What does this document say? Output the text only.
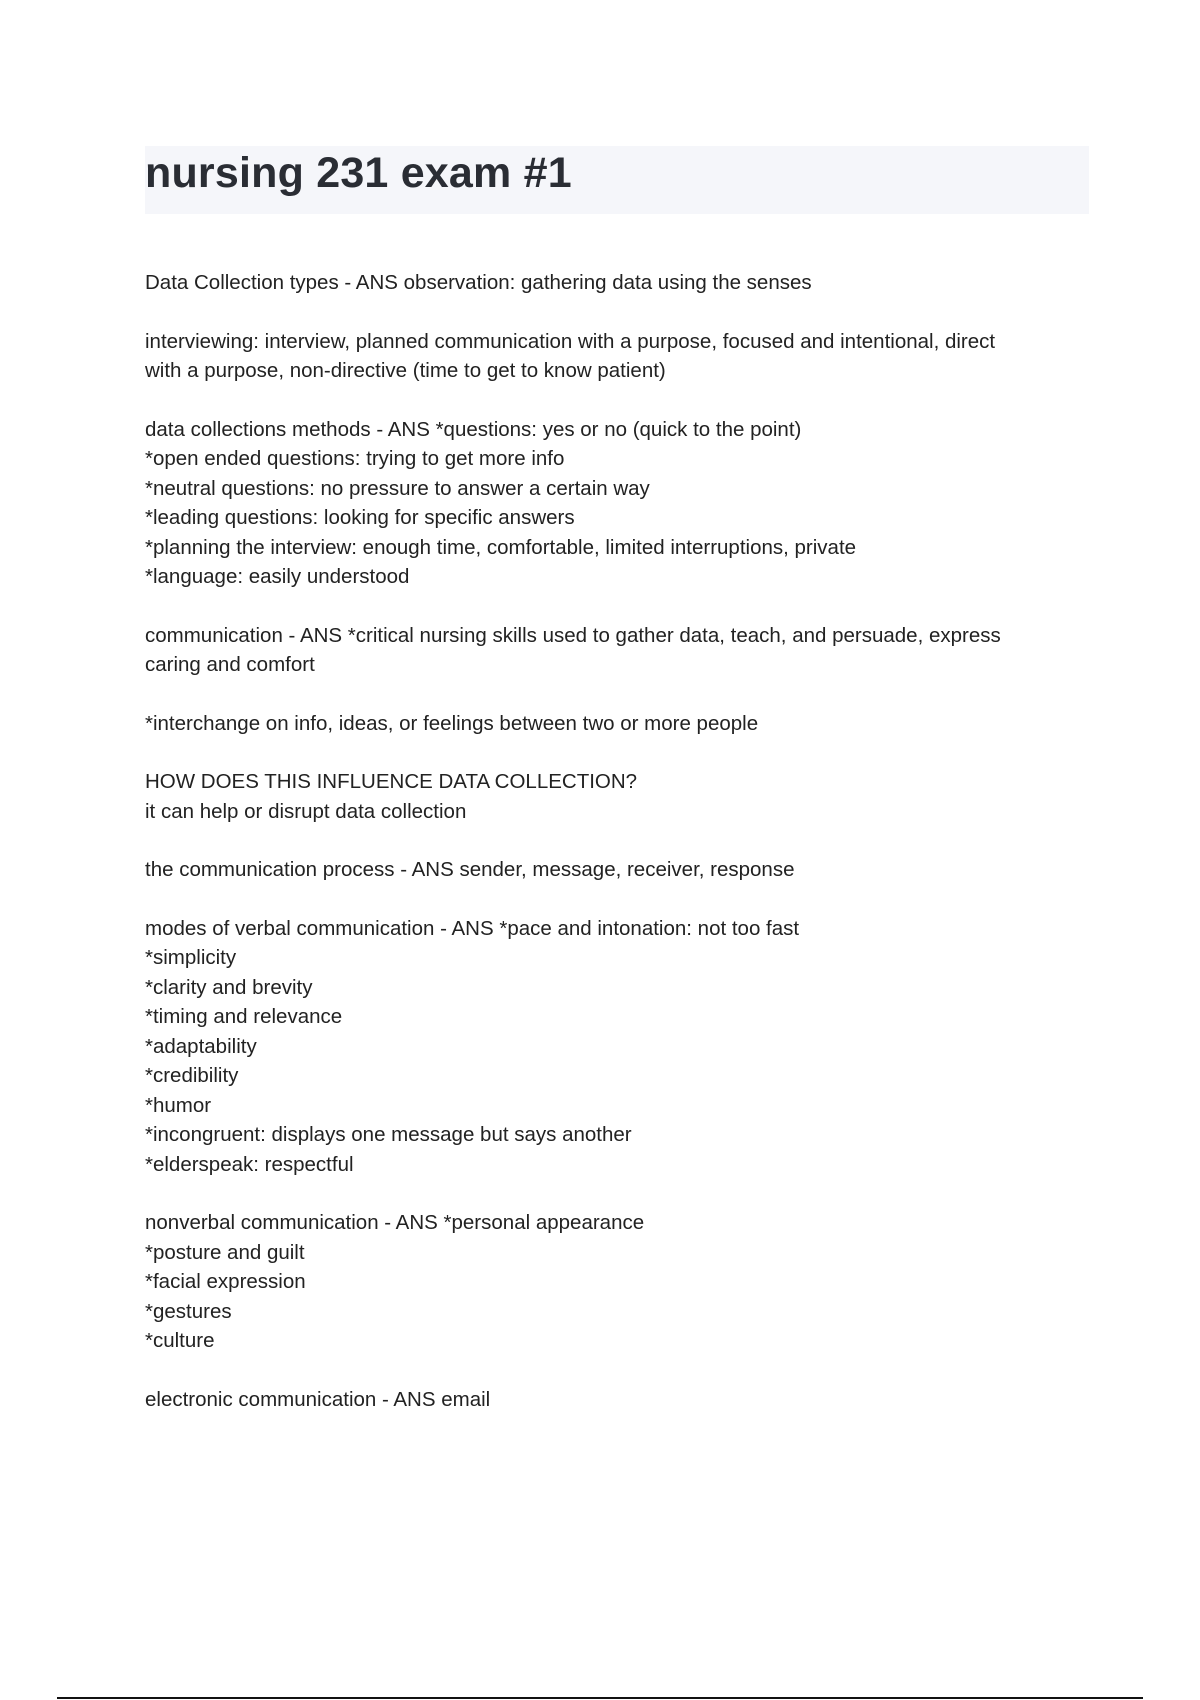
nursing 231 exam #1
Data Collection types - ANS observation: gathering data using the senses
interviewing: interview, planned communication with a purpose, focused and intentional, direct
with a purpose, non-directive (time to get to know patient)
data collections methods - ANS *questions: yes or no (quick to the point)
*open ended questions: trying to get more info
*neutral questions: no pressure to answer a certain way
*leading questions: looking for specific answers
*planning the interview: enough time, comfortable, limited interruptions, private
*language: easily understood
communication - ANS *critical nursing skills used to gather data, teach, and persuade, express
caring and comfort
*interchange on info, ideas, or feelings between two or more people
HOW DOES THIS INFLUENCE DATA COLLECTION?
it can help or disrupt data collection
the communication process - ANS sender, message, receiver, response
modes of verbal communication - ANS *pace and intonation: not too fast
*simplicity
*clarity and brevity
*timing and relevance
*adaptability
*credibility
*humor
*incongruent: displays one message but says another
*elderspeak: respectful
nonverbal communication - ANS *personal appearance
*posture and guilt
*facial expression
*gestures
*culture
electronic communication - ANS email
